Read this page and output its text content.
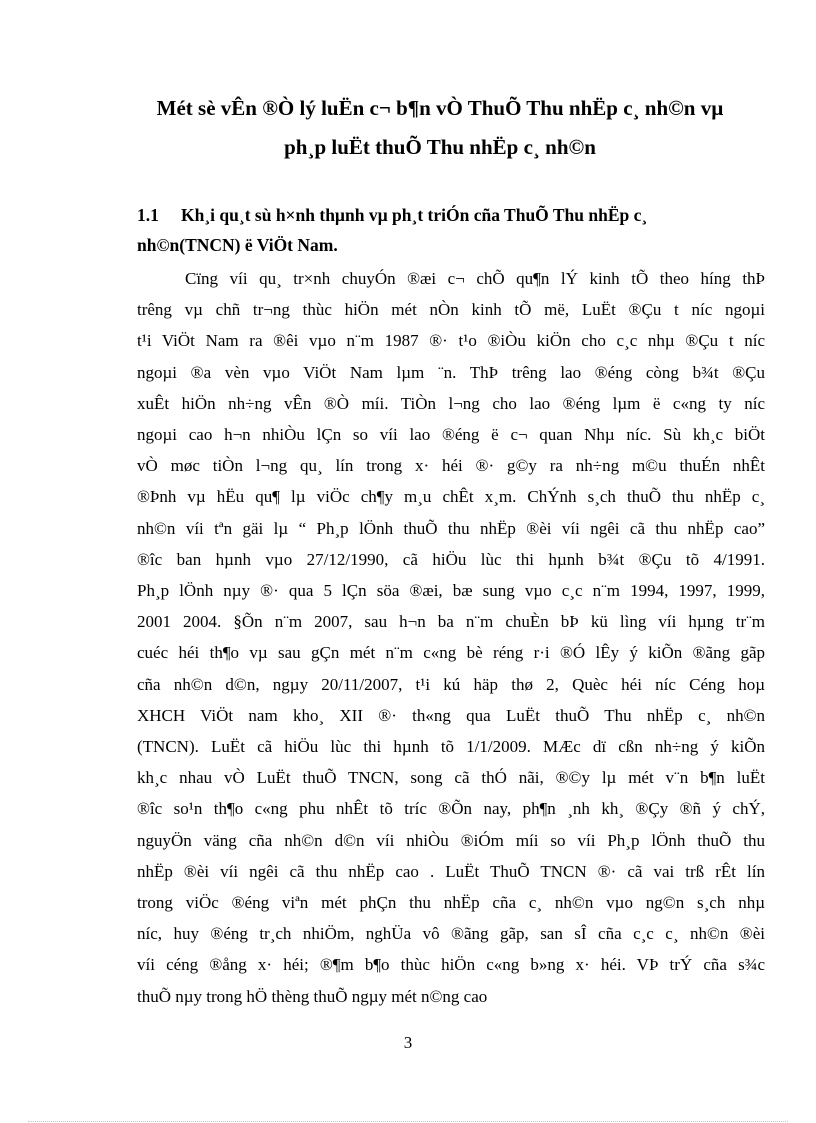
Mét sè vÊn ®Ò lý luËn c¬ b¶n vÒ ThuÕ Thu nhËp c¸ nh©n vµ
ph¸p luËt thuÕ Thu nhËp c¸ nh©n
1.1 Kh¸i qu¸t sù h×nh thµnh vµ ph¸t triÓn cña ThuÕ Thu nhËp c¸
nh©n(TNCN) ë ViÖt Nam.
Cïng víi qu¸ tr×nh chuyÓn ®æi c¬ chÕ qu¶n lÝ kinh tÕ theo híng thÞ
trêng vµ chñ tr¬ng thùc hiÖn mét nÒn kinh tÕ më, LuËt ®Çu t níc ngoµi
t¹i ViÖt Nam ra ®êi vµo n¨m 1987 ®· t¹o ®iÒu kiÖn cho c¸c nhµ ®Çu t níc
ngoµi ®a vèn vµo ViÖt Nam lµm ¨n. ThÞ trêng lao ®éng còng b¾t ®Çu
xuÊt hiÖn nh÷ng vÊn ®Ò míi. TiÒn l¬ng cho lao ®éng lµm ë c«ng ty níc
ngoµi cao h¬n nhiÒu lÇn so víi lao ®éng ë c¬ quan Nhµ níc. Sù kh¸c biÖt
vÒ møc tiÒn l¬ng qu¸ lín trong x· héi ®· g©y ra nh÷ng m©u thuÉn nhÊt
®Þnh vµ hËu qu¶ lµ viÖc ch¶y m¸u chÊt x¸m. ChÝnh s¸ch thuÕ thu nhËp c¸
nh©n víi tªn gäi lµ “ Ph¸p lÖnh thuÕ thu nhËp ®èi víi ngêi cã thu nhËp cao”
®îc ban hµnh vµo 27/12/1990, cã hiÖu lùc thi hµnh b¾t ®Çu tõ 4/1991.
Ph¸p lÖnh nµy ®· qua 5 lÇn söa ®æi, bæ sung vµo c¸c n¨m 1994, 1997, 1999,
2001 2004. §Õn n¨m 2007, sau h¬n ba n¨m chuÈn bÞ kü lìng víi hµng tr¨m
cuéc héi th¶o vµ sau gÇn mét n¨m c«ng bè réng r·i ®Ó lÊy ý kiÕn ®ãng gãp
cña nh©n d©n, ngµy 20/11/2007, t¹i kú häp thø 2, Quèc héi níc Céng hoµ
XHCH ViÖt nam kho¸ XII ®· th«ng qua LuËt thuÕ Thu nhËp c¸ nh©n
(TNCN). LuËt cã hiÖu lùc thi hµnh tõ 1/1/2009. MÆc dï cßn nh÷ng ý kiÕn
kh¸c nhau vÒ LuËt thuÕ TNCN, song cã thÓ nãi, ®©y lµ mét v¨n b¶n luËt
®îc so¹n th¶o c«ng phu nhÊt tõ tríc ®Õn nay, ph¶n ¸nh kh¸ ®Çy ®ñ ý chÝ,
nguyÖn väng cña nh©n d©n víi nhiÒu ®iÓm míi so víi Ph¸p lÖnh thuÕ thu
nhËp ®èi víi ngêi cã thu nhËp cao . LuËt ThuÕ TNCN ®· cã vai trß rÊt lín
trong viÖc ®éng viªn mét phÇn thu nhËp cña c¸ nh©n vµo ng©n s¸ch nhµ
níc, huy ®éng tr¸ch nhiÖm, nghÜa vô ®ãng gãp, san sÎ cña c¸c c¸ nh©n ®èi
víi céng ®ång x· héi; ®¶m b¶o thùc hiÖn c«ng b»ng x· héi. VÞ trÝ cña s¾c
thuÕ nµy trong hÖ thèng thuÕ ngµy mét n©ng cao
3
